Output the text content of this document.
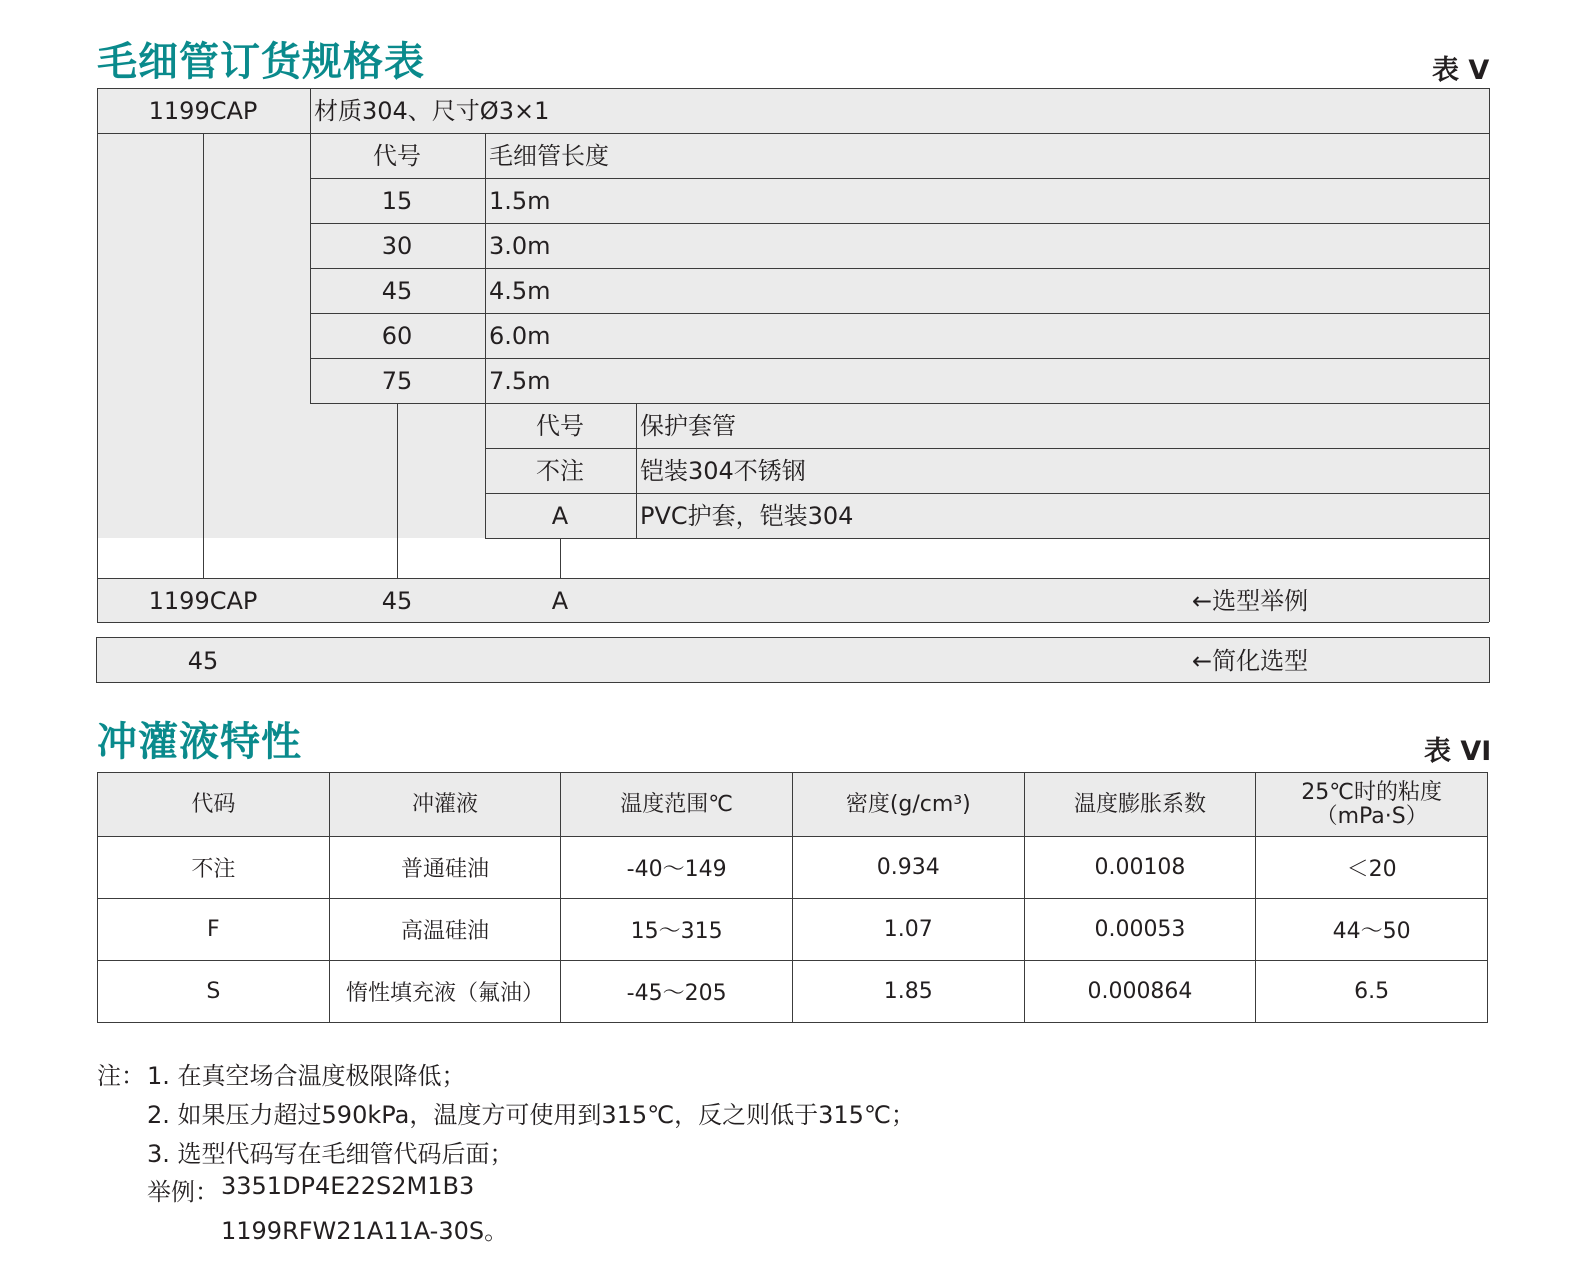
毛细管订货规格表	表 V
1199CAP 材质304、尺寸Ø3×1
代号	毛细管长度
15	1.5m
30	3.0m
45	4.5m
60	6.0m
75	7.5m
代号 保护套管
不注 铠装304不锈钢
A	PVC护套，铠装304
1199CAP	45	A	←选型举例
45	←简化选型
冲灌液特性	表 VI
代码	冲灌液	温度范围℃	密度(g/cm³)	温度膨胀系数	25℃时的粘度
（mPa·S）
不注	普通硅油	-40～149	0.934	0.00108	＜20
F	高温硅油	15～315	1.07	0.00053	44～50
S	惰性填充液（氟油）	-45～205	1.85	0.000864	6.5
注： 1. 在真空场合温度极限降低；
2. 如果压力超过590kPa，温度方可使用到315℃，反之则低于315℃；
3. 选型代码写在毛细管代码后面；
举例： 3351DP4E22S2M1B3
1199RFW21A11A-30S。
